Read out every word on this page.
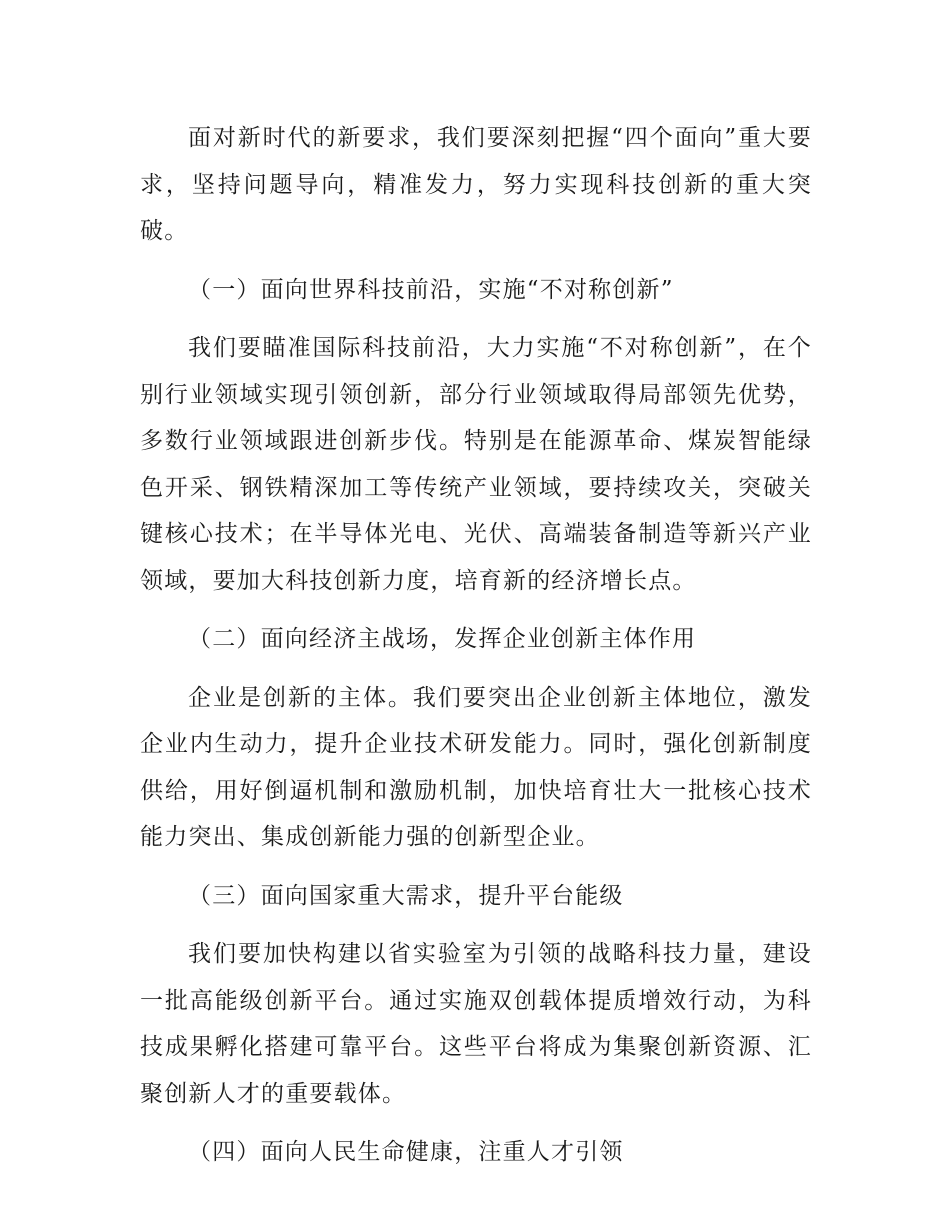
面对新时代的新要求，我们要深刻把握“四个面向”重大要求，坚持问题导向，精准发力，努力实现科技创新的重大突破。

（一）面向世界科技前沿，实施“不对称创新”

我们要瞄准国际科技前沿，大力实施“不对称创新”，在个别行业领域实现引领创新，部分行业领域取得局部领先优势，多数行业领域跟进创新步伐。特别是在能源革命、煤炭智能绿色开采、钢铁精深加工等传统产业领域，要持续攻关，突破关键核心技术；在半导体光电、光伏、高端装备制造等新兴产业领域，要加大科技创新力度，培育新的经济增长点。

（二）面向经济主战场，发挥企业创新主体作用

企业是创新的主体。我们要突出企业创新主体地位，激发企业内生动力，提升企业技术研发能力。同时，强化创新制度供给，用好倒逼机制和激励机制，加快培育壮大一批核心技术能力突出、集成创新能力强的创新型企业。

（三）面向国家重大需求，提升平台能级

我们要加快构建以省实验室为引领的战略科技力量，建设一批高能级创新平台。通过实施双创载体提质增效行动，为科技成果孵化搭建可靠平台。这些平台将成为集聚创新资源、汇聚创新人才的重要载体。

（四）面向人民生命健康，注重人才引领
